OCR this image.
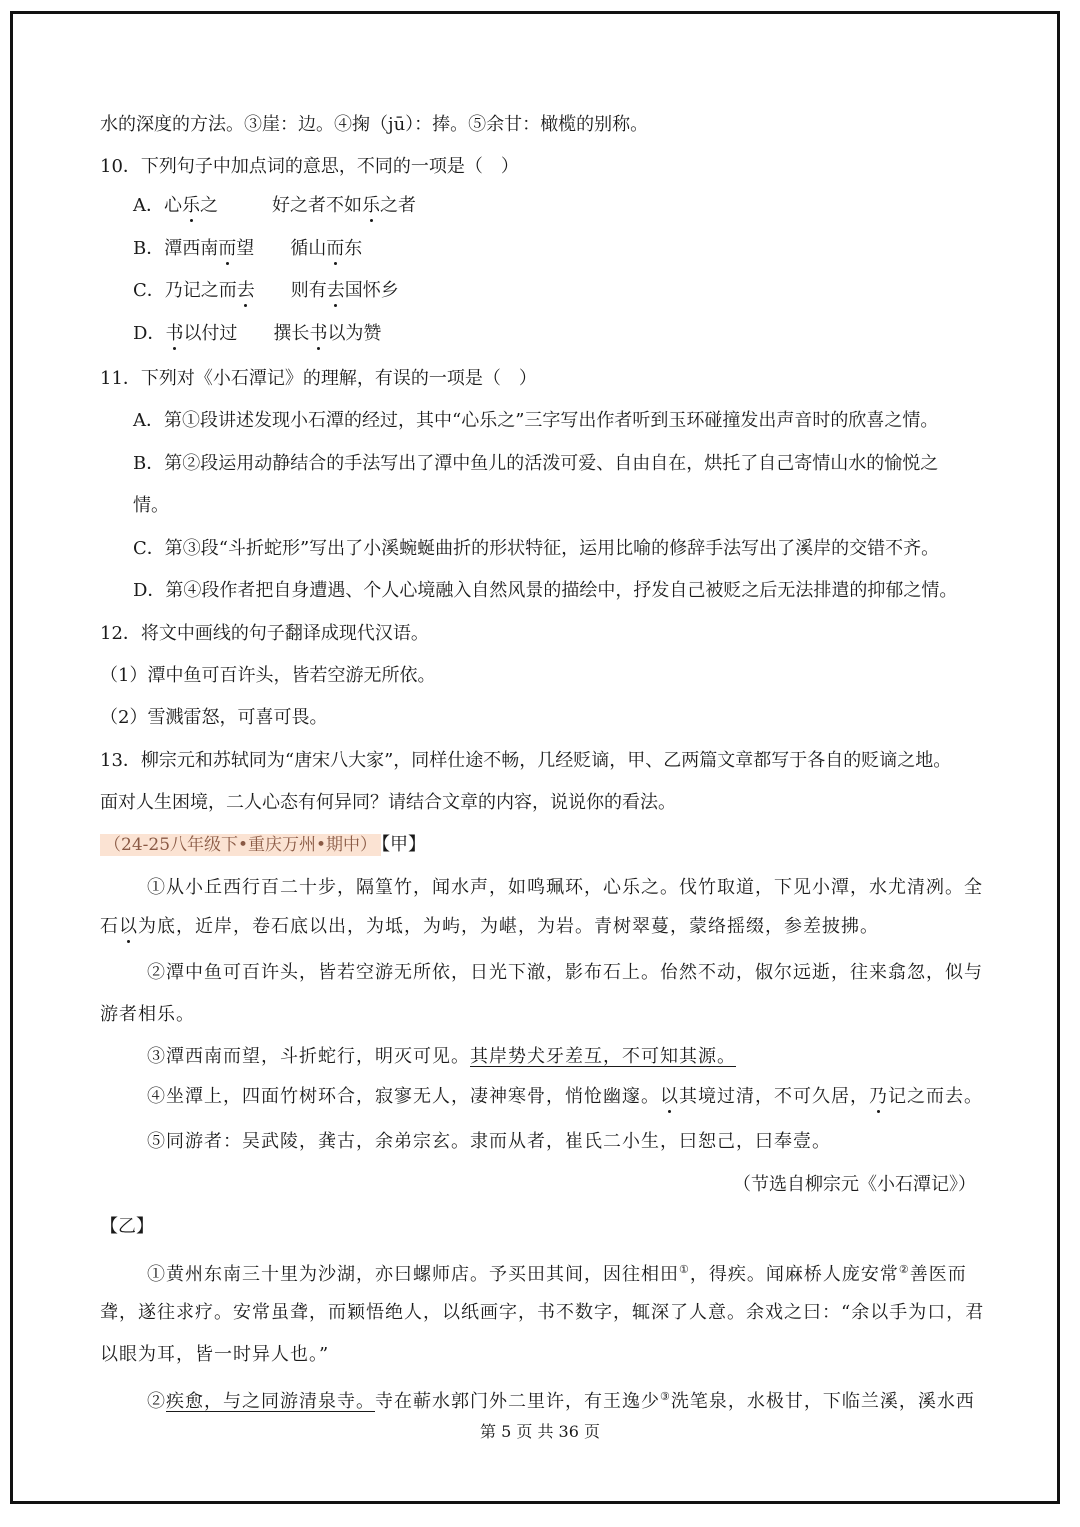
水的深度的方法。③崖：边。④掬（jū）：捧。⑤余甘：橄榄的别称。
10．下列句子中加点词的意思，不同的一项是（　）
A．心乐之　　　好之者不如乐之者
B．潭西南而望　　循山而东
C．乃记之而去　　则有去国怀乡
D．书以付过　　撰长书以为赞
11．下列对《小石潭记》的理解，有误的一项是（　）
A．第①段讲述发现小石潭的经过，其中“心乐之”三字写出作者听到玉环碰撞发出声音时的欣喜之情。
B．第②段运用动静结合的手法写出了潭中鱼儿的活泼可爱、自由自在，烘托了自己寄情山水的愉悦之
情。
C．第③段“斗折蛇形”写出了小溪蜿蜒曲折的形状特征，运用比喻的修辞手法写出了溪岸的交错不齐。
D．第④段作者把自身遭遇、个人心境融入自然风景的描绘中，抒发自己被贬之后无法排遣的抑郁之情。
12．将文中画线的句子翻译成现代汉语。
（1）潭中鱼可百许头，皆若空游无所依。
（2）雪溅雷怒，可喜可畏。
13．柳宗元和苏轼同为“唐宋八大家”，同样仕途不畅，几经贬谪，甲、乙两篇文章都写于各自的贬谪之地。
面对人生困境，二人心态有何异同？请结合文章的内容，说说你的看法。
（24-25八年级下•重庆万州•期中） 【甲】
①从小丘西行百二十步，隔篁竹，闻水声，如鸣珮环，心乐之。伐竹取道，下见小潭，水尤清冽。全
石以为底，近岸，卷石底以出，为坻，为屿，为嵁，为岩。青树翠蔓，蒙络摇缀，参差披拂。
②潭中鱼可百许头，皆若空游无所依，日光下澈，影布石上。佁然不动，俶尔远逝，往来翕忽，似与
游者相乐。
③潭西南而望，斗折蛇行，明灭可见。其岸势犬牙差互，不可知其源。
④坐潭上，四面竹树环合，寂寥无人，凄神寒骨，悄怆幽邃。以其境过清，不可久居，乃记之而去。
⑤同游者：吴武陵，龚古，余弟宗玄。隶而从者，崔氏二小生，曰恕己，曰奉壹。
（节选自柳宗元《小石潭记》）
【乙】
①黄州东南三十里为沙湖，亦曰螺师店。予买田其间，因往相田①，得疾。闻麻桥人庞安常②善医而
聋，遂往求疗。安常虽聋，而颖悟绝人，以纸画字，书不数字，辄深了人意。余戏之曰：“余以手为口，君
以眼为耳，皆一时异人也。”
②疾愈，与之同游清泉寺。寺在蕲水郭门外二里许，有王逸少③洗笔泉，水极甘，下临兰溪，溪水西
第 5 页 共 36 页
